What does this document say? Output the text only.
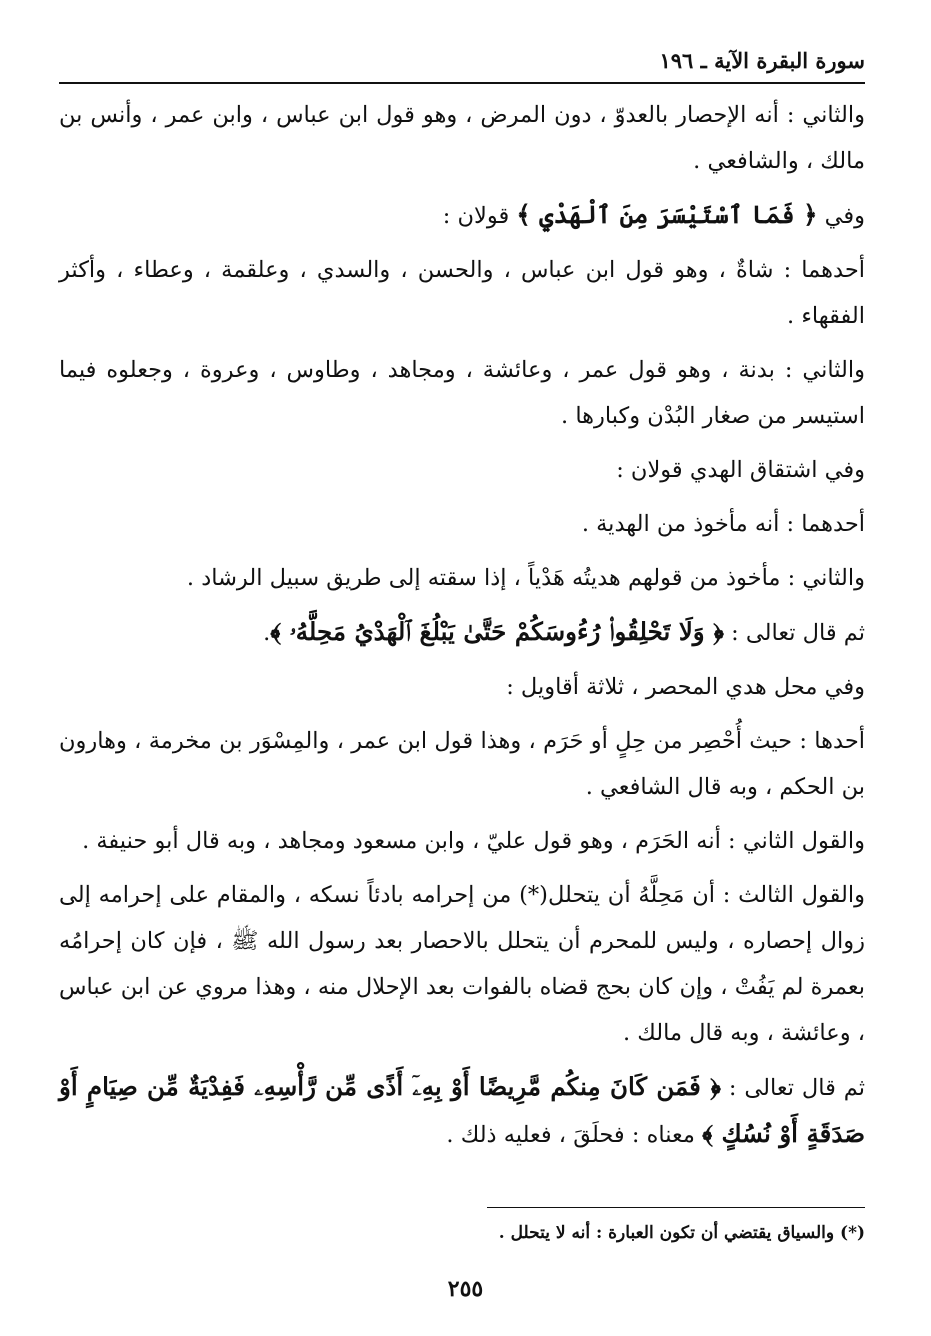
سورة البقرة الآية ـ ١٩٦

والثاني : أنه الإحصار بالعدوّ ، دون المرض ، وهو قول ابن عباس ، وابن عمر ، وأنس بن مالك ، والشافعي .

وفي ﴿ فَمَا ٱسْتَيْسَرَ مِنَ ٱلْهَدْيِ ﴾ قولان :

أحدهما : شاةٌ ، وهو قول ابن عباس ، والحسن ، والسدي ، وعلقمة ، وعطاء ، وأكثر الفقهاء .

والثاني : بدنة ، وهو قول عمر ، وعائشة ، ومجاهد ، وطاوس ، وعروة ، وجعلوه فيما استيسر من صغار البُدْن وكبارها .

وفي اشتقاق الهدي قولان :

أحدهما : أنه مأخوذ من الهدية .

والثاني : مأخوذ من قولهم هديتُه هَدْياً ، إذا سقته إلى طريق سبيل الرشاد .

ثم قال تعالى : ﴿ وَلَا تَحْلِقُوا۟ رُءُوسَكُمْ حَتَّىٰ يَبْلُغَ ٱلْهَدْيُ مَحِلَّهُۥ ﴾.

وفي محل هدي المحصر ، ثلاثة أقاويل :

أحدها : حيث أُحْصِر من حِلٍ أو حَرَم ، وهذا قول ابن عمر ، والمِسْوَر بن مخرمة ، وهارون بن الحكم ، وبه قال الشافعي .

والقول الثاني : أنه الحَرَم ، وهو قول عليّ ، وابن مسعود ومجاهد ، وبه قال أبو حنيفة .

والقول الثالث : أن مَحِلَّهُ أن يتحلل(*) من إحرامه بادئاً نسكه ، والمقام على إحرامه إلى زوال إحصاره ، وليس للمحرم أن يتحلل بالاحصار بعد رسول الله ﷺ ، فإن كان إحرامُه بعمرة لم يَفُتْ ، وإن كان بحج قضاه بالفوات بعد الإحلال منه ، وهذا مروي عن ابن عباس ، وعائشة ، وبه قال مالك .

ثم قال تعالى : ﴿ فَمَن كَانَ مِنكُم مَّرِيضًا أَوْ بِهِۦٓ أَذًى مِّن رَّأْسِهِۦ فَفِدْيَةٌ مِّن صِيَامٍ أَوْ صَدَقَةٍ أَوْ نُسُكٍ ﴾ معناه : فحلَقَ ، فعليه ذلك .

(*) والسياق يقتضي أن تكون العبارة : أنه لا يتحلل .
٢٥٥
